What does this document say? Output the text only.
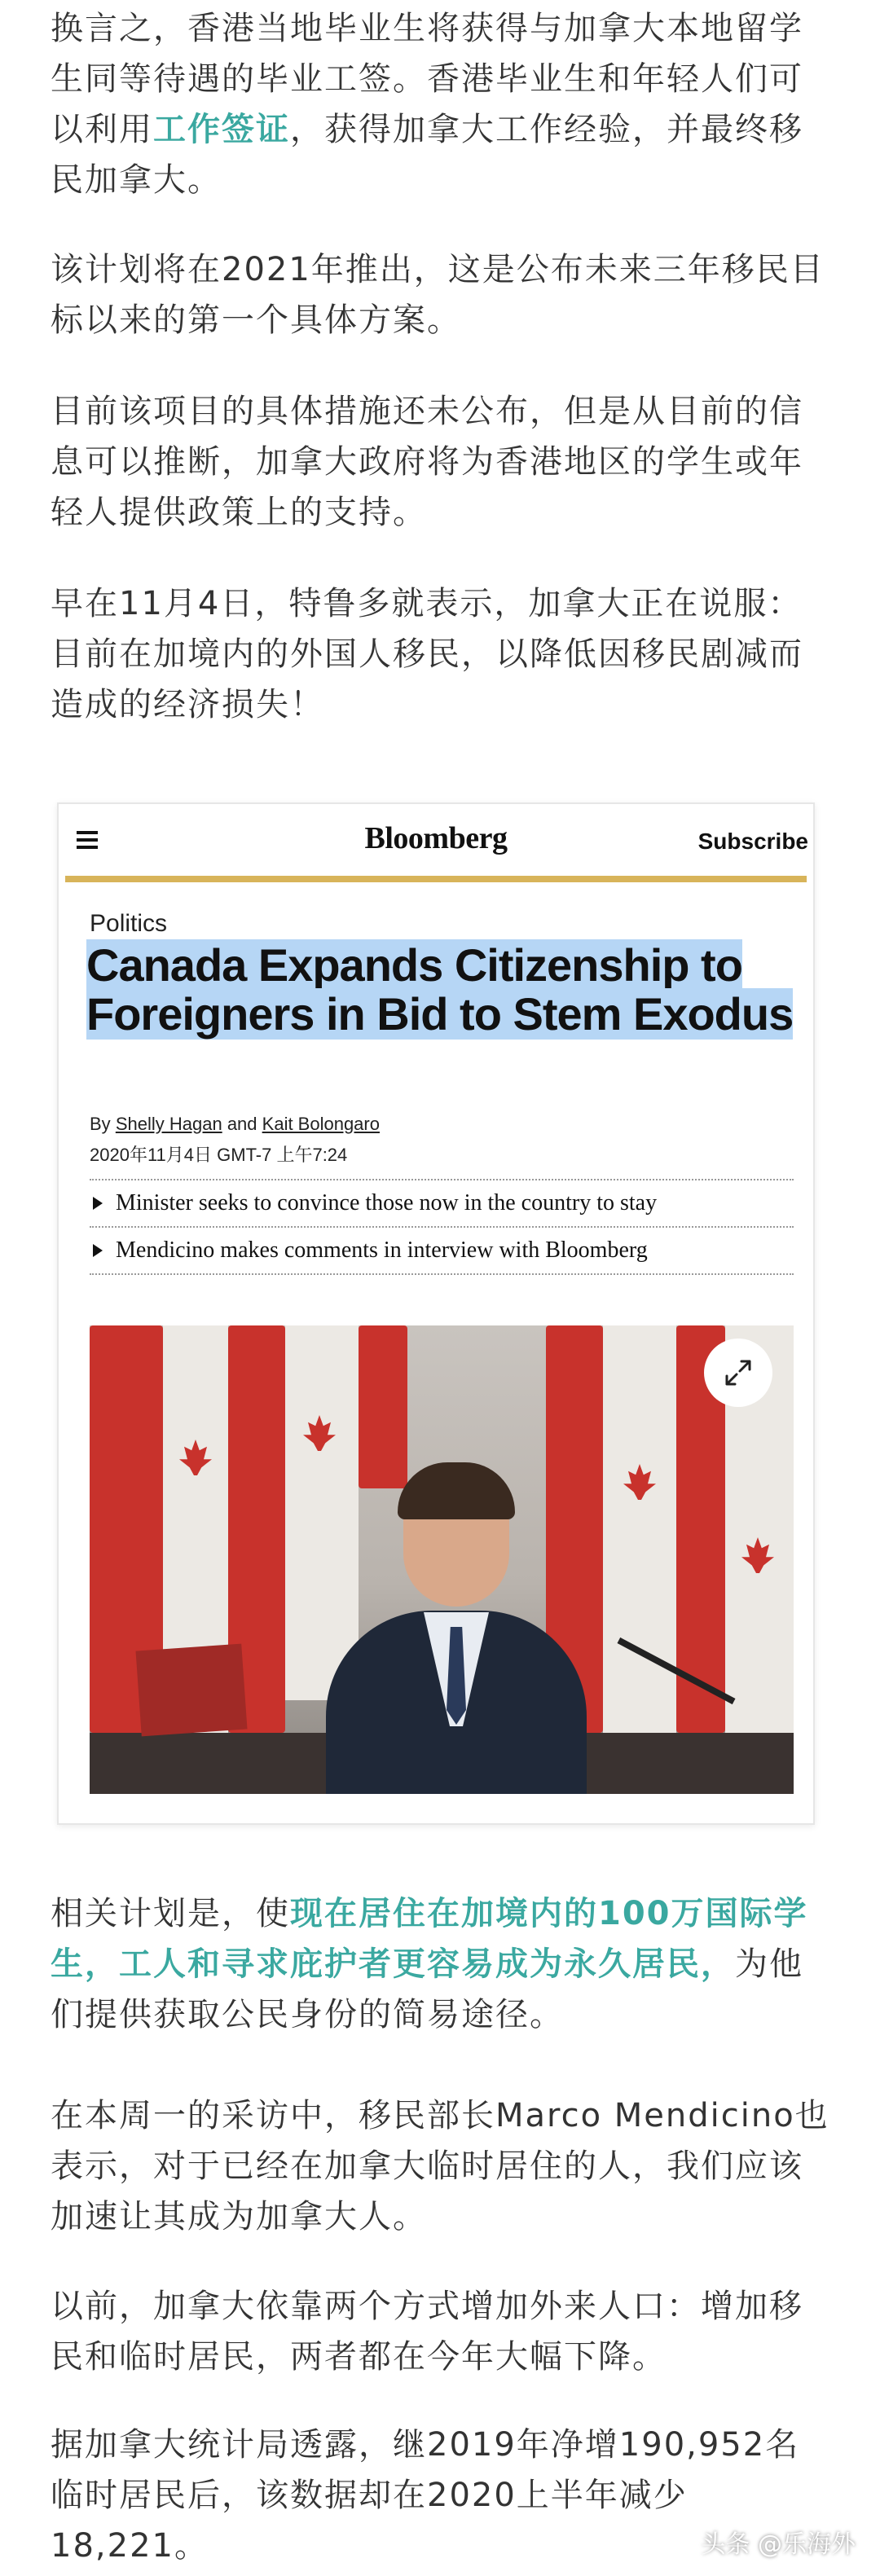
换言之，香港当地毕业生将获得与加拿大本地留学生同等待遇的毕业工签。香港毕业生和年轻人们可以利用工作签证，获得加拿大工作经验，并最终移民加拿大。
该计划将在2021年推出，这是公布未来三年移民目标以来的第一个具体方案。
目前该项目的具体措施还未公布，但是从目前的信息可以推断，加拿大政府将为香港地区的学生或年轻人提供政策上的支持。
早在11月4日，特鲁多就表示，加拿大正在说服：目前在加境内的外国人移民，以降低因移民剧减而造成的经济损失！
Bloomberg	Subscribe
Politics
Canada Expands Citizenship to Foreigners in Bid to Stem Exodus
By Shelly Hagan and Kait Bolongaro
2020年11月4日 GMT-7 上午7:24
Minister seeks to convince those now in the country to stay
Mendicino makes comments in interview with Bloomberg
相关计划是，使现在居住在加境内的100万国际学生，工人和寻求庇护者更容易成为永久居民，为他们提供获取公民身份的简易途径。
在本周一的采访中，移民部长Marco Mendicino也表示，对于已经在加拿大临时居住的人，我们应该加速让其成为加拿大人。
以前，加拿大依靠两个方式增加外来人口：增加移民和临时居民，两者都在今年大幅下降。
据加拿大统计局透露，继2019年净增190,952名临时居民后，该数据却在2020上半年减少18,221。	头条 @乐海外
